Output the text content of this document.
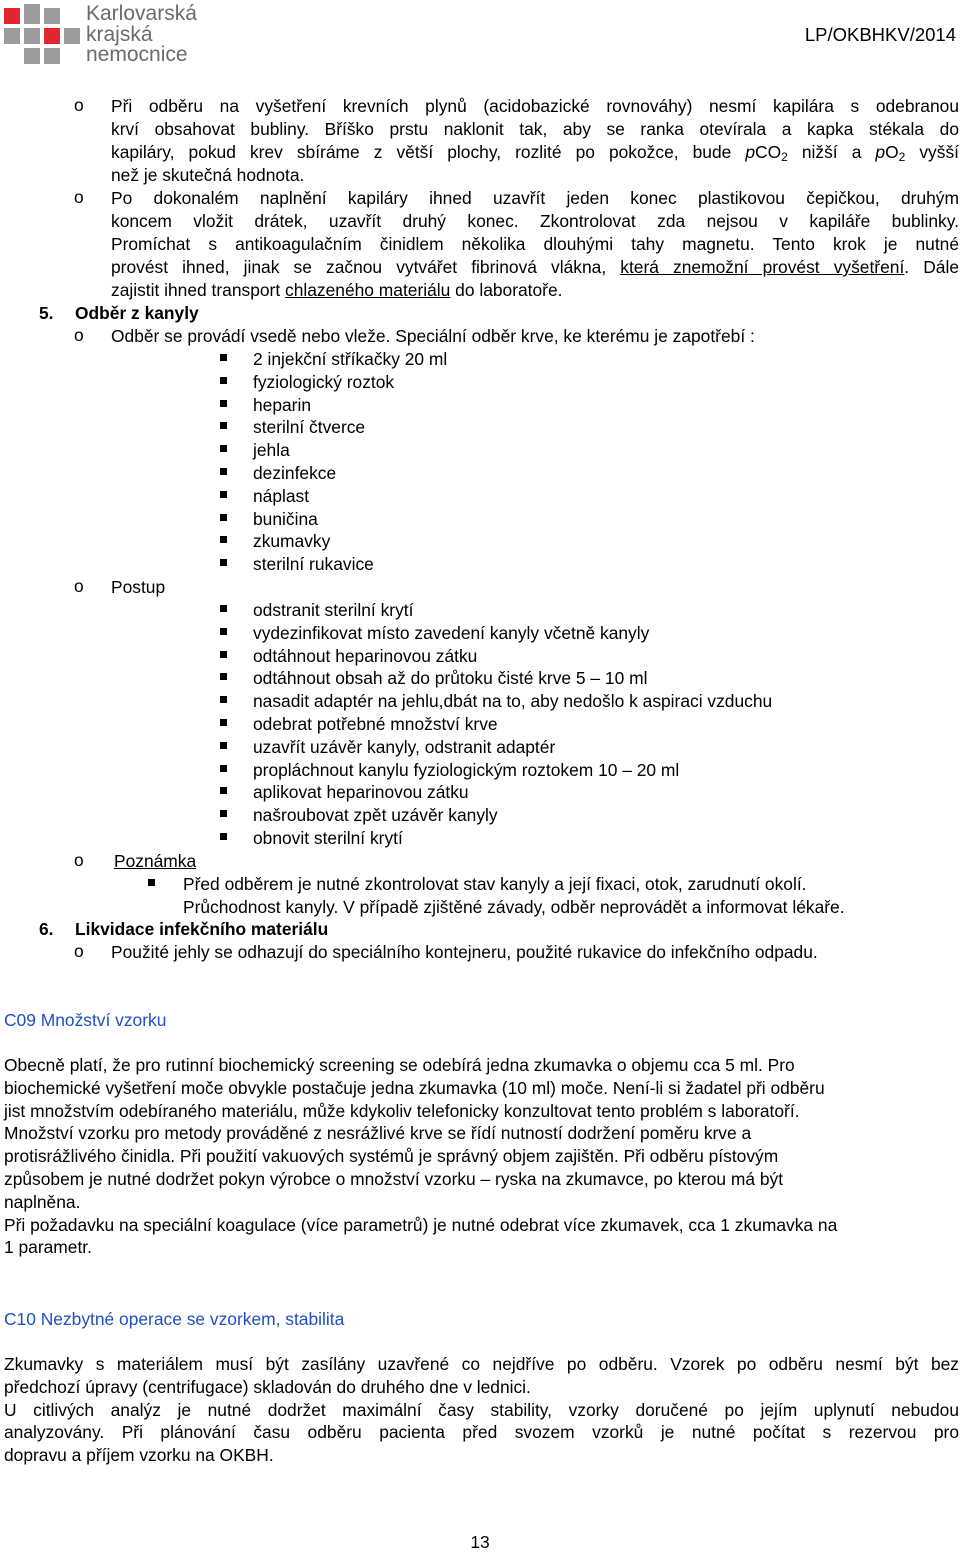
Karlovarská
krajská
nemocnice
LP/OKBHKV/2014
o Při odběru na vyšetření krevních plynů (acidobazické rovnováhy) nesmí kapilára s odebranou
krví obsahovat bubliny. Bříško prstu naklonit tak, aby se ranka otevírala a kapka stékala do
kapiláry, pokud krev sbíráme z větší plochy, rozlité po pokožce, bude pCO$_2$ nižší a $pO_2$ vyšší
než je skutečná hodnota.
o Po dokonalém naplnění kapiláry ihned uzavřít jeden konec plastikovou čepičkou, druhým
koncem vložit drátek, uzavřít druhý konec. Zkontrolovat zda nejsou v kapiláře bublinky.
Promíchat s antikoagulačním činidlem několika dlouhými tahy magnetu. Tento krok je nutné
provést ihned, jinak se začnou vytvářet fibrinová vlákna, která znemožní provést vyšetření. Dále
zajistit ihned transport chlazeného materiálu do laboratoře.
5. Odběr z kanyly
o Odběr se provádí vsedě nebo vleže. Speciální odběr krve, ke kterému je zapotřebí :
2 injekční stříkačky 20 ml
fyziologický roztok
heparin
sterilní čtverce
jehla
dezinfekce
náplast
buničina
zkumavky
sterilní rukavice
o Postup
odstranit sterilní krytí
vydezinfikovat místo zavedení kanyly včetně kanyly
odtáhnout heparinovou zátku
odtáhnout obsah až do průtoku čisté krve 5 – 10 ml
nasadit adaptér na jehlu,dbát na to, aby nedošlo k aspiraci vzduchu
odebrat potřebné množství krve
uzavřít uzávěr kanyly, odstranit adaptér
propláchnout kanylu fyziologickým roztokem 10 – 20 ml
aplikovat heparinovou zátku
našroubovat zpět uzávěr kanyly
obnovit sterilní krytí
o Poznámka
Před odběrem je nutné zkontrolovat stav kanyly a její fixaci, otok, zarudnutí okolí.
Průchodnost kanyly. V případě zjištěné závady, odběr neprovádět a informovat lékaře.
6. Likvidace infekčního materiálu
o Použité jehly se odhazují do speciálního kontejneru, použité rukavice do infekčního odpadu.
C09 Množství vzorku
Obecně platí, že pro rutinní biochemický screening se odebírá jedna zkumavka o objemu cca 5 ml. Pro
biochemické vyšetření moče obvykle postačuje jedna zkumavka (10 ml) moče. Není-li si žadatel při odběru
jist množstvím odebíraného materiálu, může kdykoliv telefonicky konzultovat tento problém s laboratoří.
Množství vzorku pro metody prováděné z nesrážlivé krve se řídí nutností dodržení poměru krve a
protisrážlivého činidla. Při použití vakuových systémů je správný objem zajištěn. Při odběru pístovým
způsobem je nutné dodržet pokyn výrobce o množství vzorku – ryska na zkumavce, po kterou má být
naplněna.
Při požadavku na speciální koagulace (více parametrů) je nutné odebrat více zkumavek, cca 1 zkumavka na
1 parametr.
C10 Nezbytné operace se vzorkem, stabilita
Zkumavky s materiálem musí být zasílány uzavřené co nejdříve po odběru. Vzorek po odběru nesmí být bez
předchozí úpravy (centrifugace) skladován do druhého dne v lednici.
U citlivých analýz je nutné dodržet maximální časy stability, vzorky doručené po jejím uplynutí nebudou
analyzovány. Při plánování času odběru pacienta před svozem vzorků je nutné počítat s rezervou pro
dopravu a příjem vzorku na OKBH.
13
